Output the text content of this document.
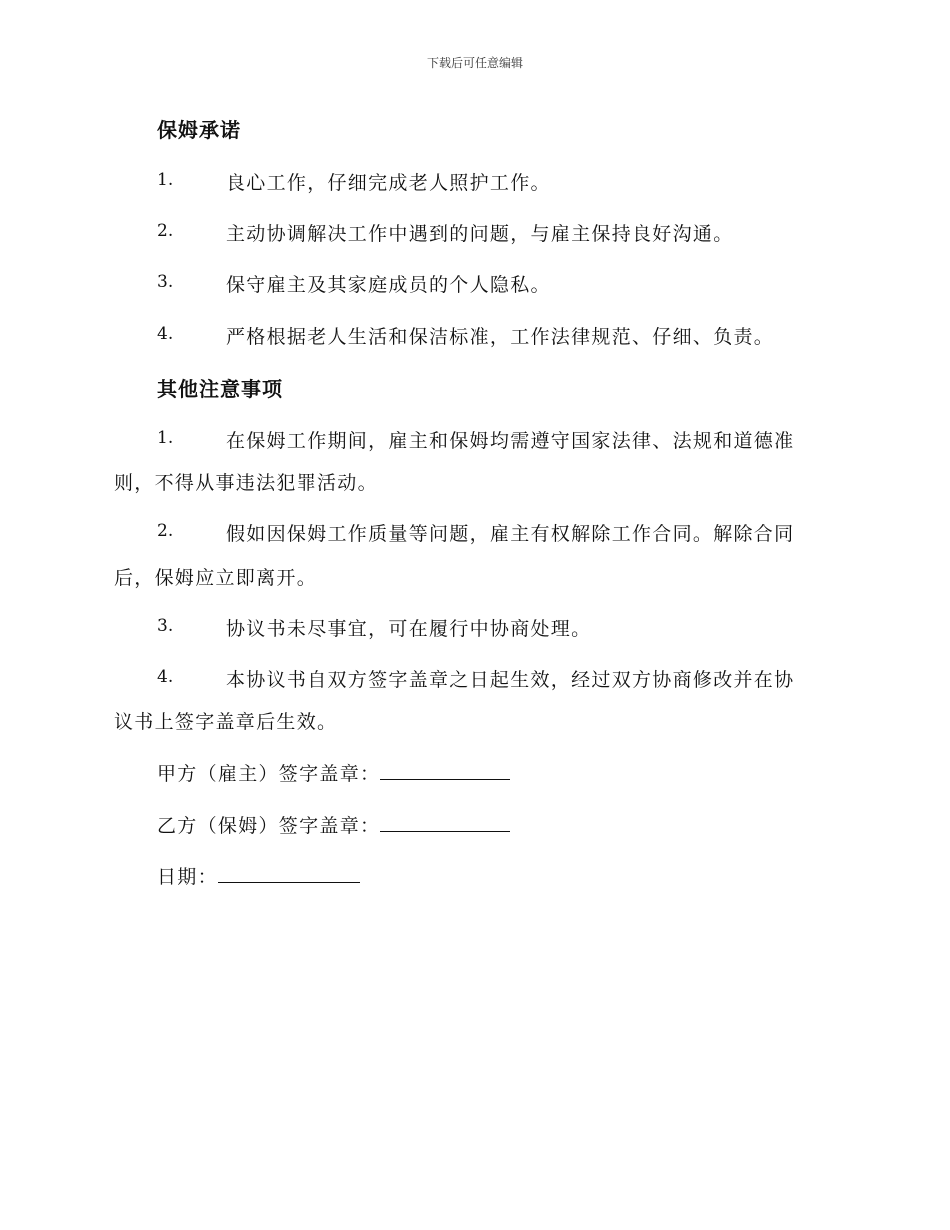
下载后可任意编辑
保姆承诺
1.	良心工作，仔细完成老人照护工作。
2.	主动协调解决工作中遇到的问题，与雇主保持良好沟通。
3.	保守雇主及其家庭成员的个人隐私。
4.	严格根据老人生活和保洁标准，工作法律规范、仔细、负责。
其他注意事项
1.	在保姆工作期间，雇主和保姆均需遵守国家法律、法规和道德准
则，不得从事违法犯罪活动。
2.	假如因保姆工作质量等问题，雇主有权解除工作合同。解除合同
后，保姆应立即离开。
3.	协议书未尽事宜，可在履行中协商处理。
4.	本协议书自双方签字盖章之日起生效，经过双方协商修改并在协
议书上签字盖章后生效。
甲方（雇主）签字盖章：
乙方（保姆）签字盖章：
日期：
